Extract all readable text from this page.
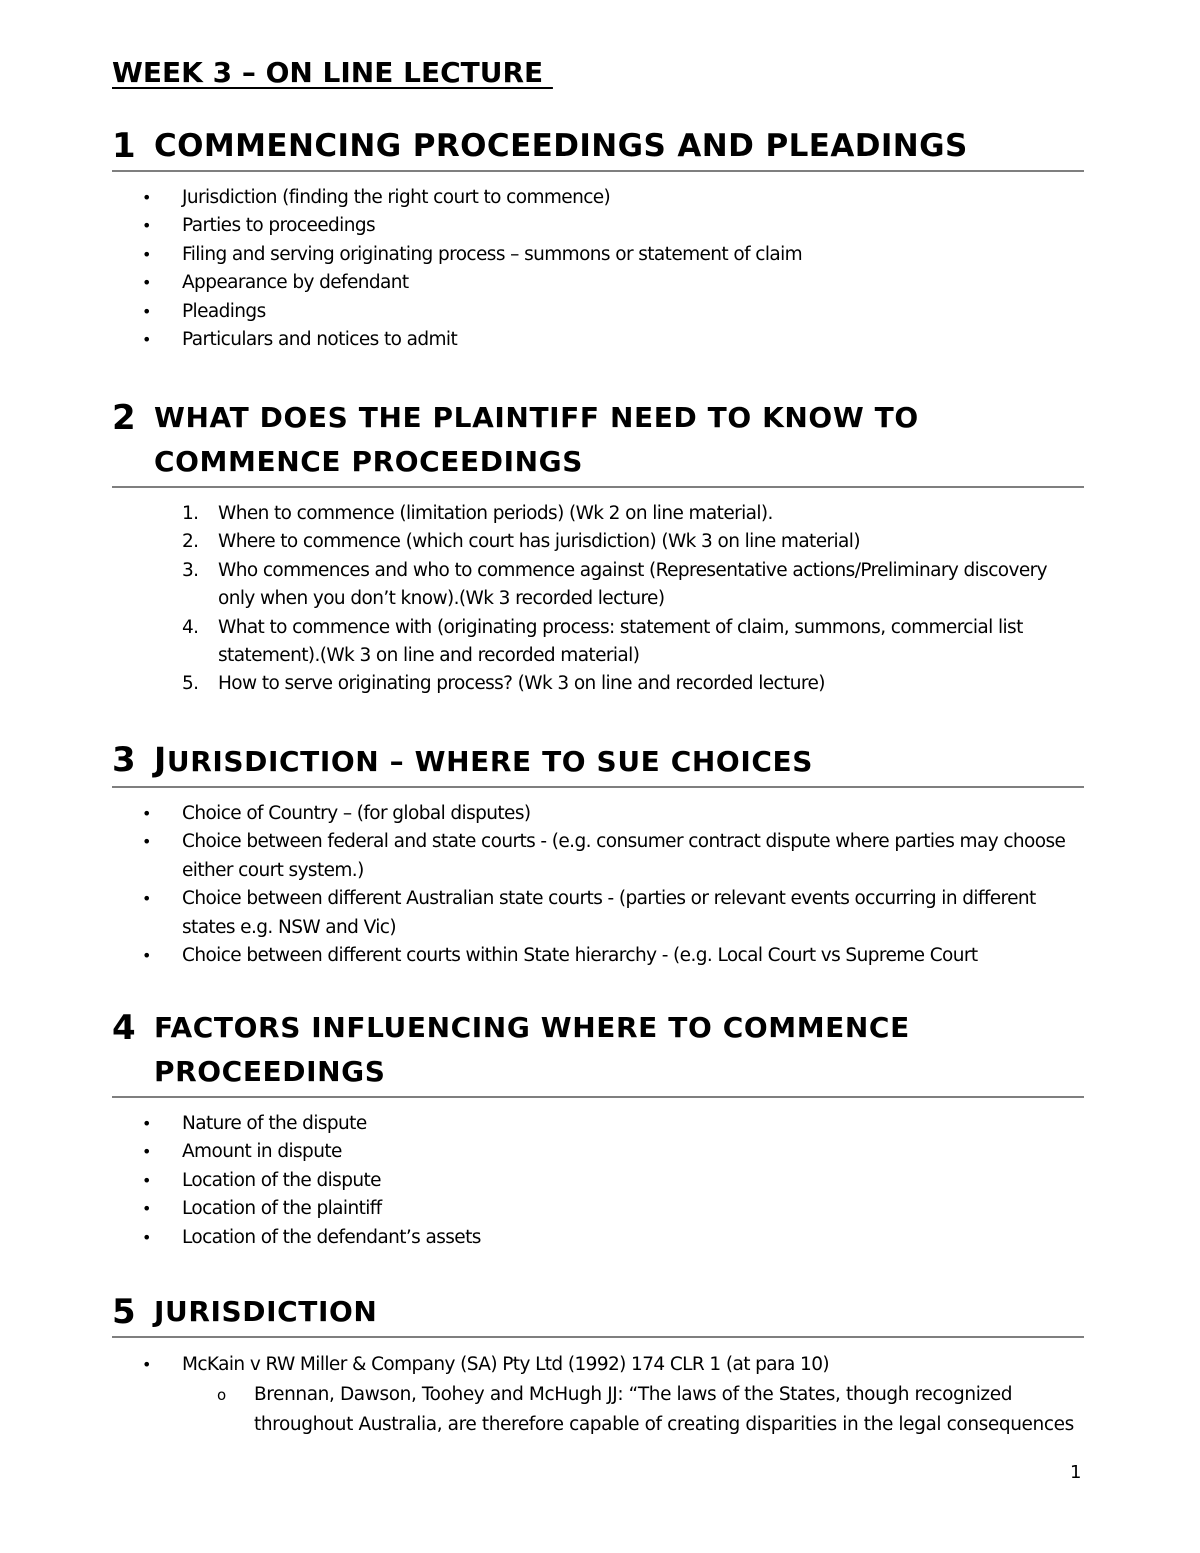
WEEK 3 – ON LINE LECTURE
1 COMMENCING PROCEEDINGS AND PLEADINGS
• Jurisdiction (finding the right court to commence)
• Parties to proceedings
• Filing and serving originating process – summons or statement of claim
• Appearance by defendant
• Pleadings
• Particulars and notices to admit
2 WHAT DOES THE PLAINTIFF NEED TO KNOW TO
COMMENCE PROCEEDINGS
1. When to commence (limitation periods) (Wk 2 on line material).
2. Where to commence (which court has jurisdiction) (Wk 3 on line material)
3. Who commences and who to commence against (Representative actions/Preliminary discovery
only when you don’t know).(Wk 3 recorded lecture)
4. What to commence with (originating process: statement of claim, summons, commercial list
statement).(Wk 3 on line and recorded material)
5. How to serve originating process? (Wk 3 on line and recorded lecture)
3 JURISDICTION – WHERE TO SUE CHOICES
• Choice of Country – (for global disputes)
• Choice between federal and state courts - (e.g. consumer contract dispute where parties may choose
either court system.)
• Choice between different Australian state courts - (parties or relevant events occurring in different
states e.g. NSW and Vic)
• Choice between different courts within State hierarchy - (e.g. Local Court vs Supreme Court
4 FACTORS INFLUENCING WHERE TO COMMENCE
PROCEEDINGS
• Nature of the dispute
• Amount in dispute
• Location of the dispute
• Location of the plaintiff
• Location of the defendant’s assets
5 JURISDICTION
• McKain v RW Miller & Company (SA) Pty Ltd (1992) 174 CLR 1 (at para 10)
o Brennan, Dawson, Toohey and McHugh JJ: “The laws of the States, though recognized
throughout Australia, are therefore capable of creating disparities in the legal consequences
1
